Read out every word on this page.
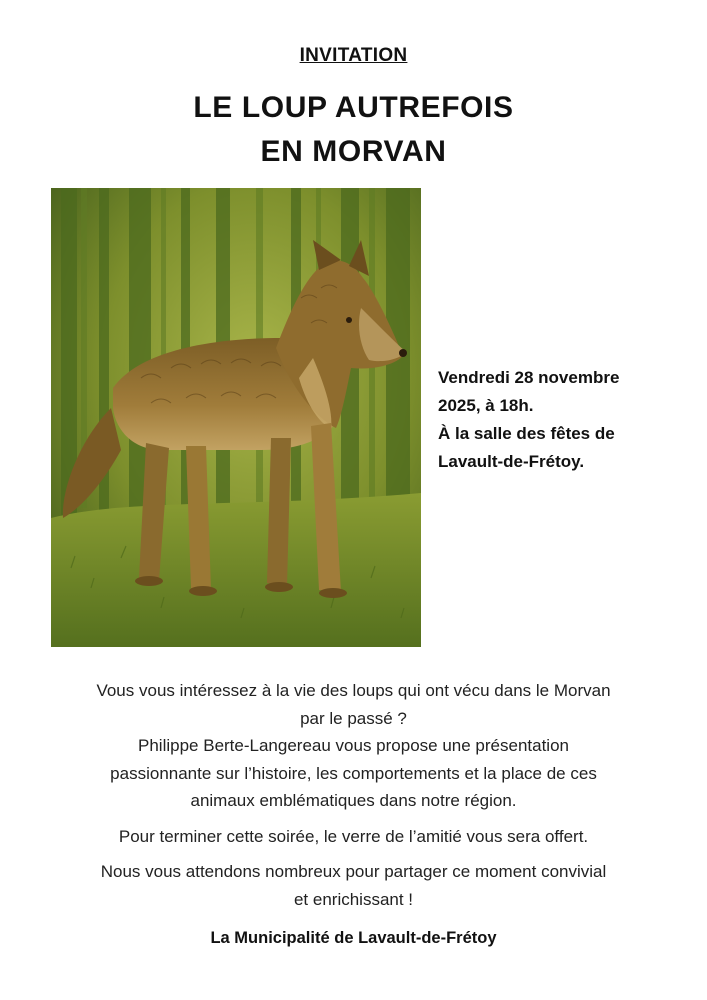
INVITATION
LE LOUP AUTREFOIS
EN MORVAN
Vendredi 28 novembre
2025, à 18h.
À la salle des fêtes de
Lavault-de-Frétoy.

Vous vous intéressez à la vie des loups qui ont vécu dans le Morvan
par le passé ?
Philippe Berte-Langereau vous propose une présentation
passionnante sur l’histoire, les comportements et la place de ces
animaux emblématiques dans notre région.

Pour terminer cette soirée, le verre de l’amitié vous sera offert.

Nous vous attendons nombreux pour partager ce moment convivial
et enrichissant !

La Municipalité de Lavault-de-Frétoy
